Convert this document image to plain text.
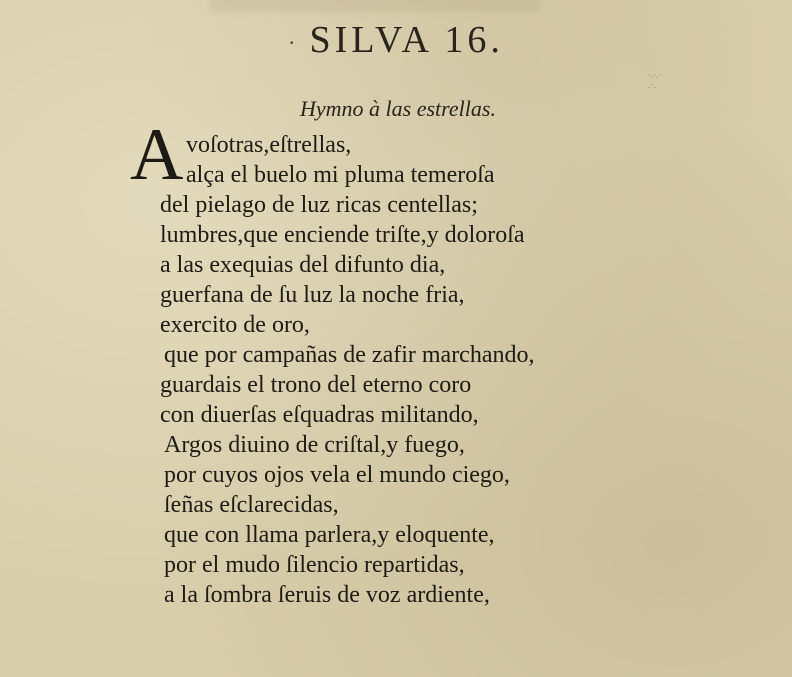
· SILVA 16.
Hymno à las estrellas.
·.·.·
.·.
A voſotras,eſtrellas,
alça el buelo mi pluma temeroſa
del pielago de luz ricas centellas;
lumbres,que enciende triſte,y doloroſa
a las exequias del difunto dia,
guerfana de ſu luz la noche fria,
exercito de oro,
que por campañas de zafir marchando,
guardais el trono del eterno coro
con diuerſas eſquadras militando,
Argos diuino de criſtal,y fuego,
por cuyos ojos vela el mundo ciego,
ſeñas eſclarecidas,
que con llama parlera,y eloquente,
por el mudo ſilencio repartidas,
a la ſombra ſeruis de voz ardiente,
